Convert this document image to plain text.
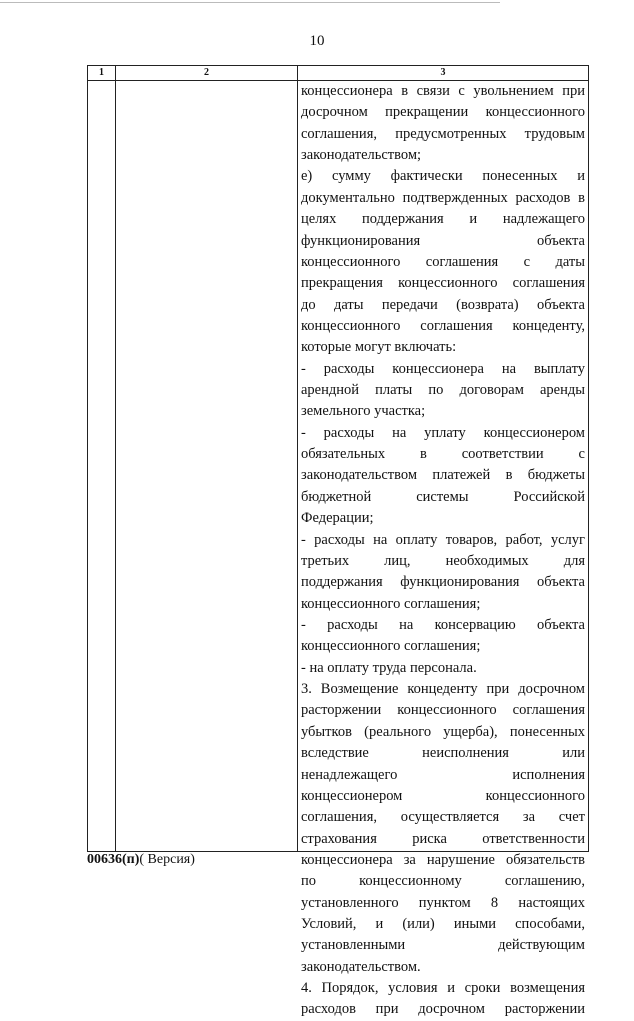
10
1	2	3
концессионера в связи с увольнением при
досрочном прекращении концессионного
соглашения, предусмотренных трудовым
законодательством;
е) сумму фактически понесенных и
документально подтвержденных расходов в
целях поддержания и надлежащего
функционирования объекта
концессионного соглашения с даты
прекращения концессионного соглашения
до даты передачи (возврата) объекта
концессионного соглашения концеденту,
которые могут включать:
- расходы концессионера на выплату
арендной платы по договорам аренды
земельного участка;
- расходы на уплату концессионером
обязательных в соответствии с
законодательством платежей в бюджеты
бюджетной системы Российской
Федерации;
- расходы на оплату товаров, работ, услуг
третьих лиц, необходимых для
поддержания функционирования объекта
концессионного соглашения;
- расходы на консервацию объекта
концессионного соглашения;
- на оплату труда персонала.
3. Возмещение концеденту при досрочном
расторжении концессионного соглашения
убытков (реального ущерба), понесенных
вследствие неисполнения или
ненадлежащего исполнения
концессионером концессионного
соглашения, осуществляется за счет
страхования риска ответственности
концессионера за нарушение обязательств
по концессионному соглашению,
установленного пунктом 8 настоящих
Условий, и (или) иными способами,
установленными действующим
законодательством.
4. Порядок, условия и сроки возмещения
расходов при досрочном расторжении
00636(п)( Версия)
